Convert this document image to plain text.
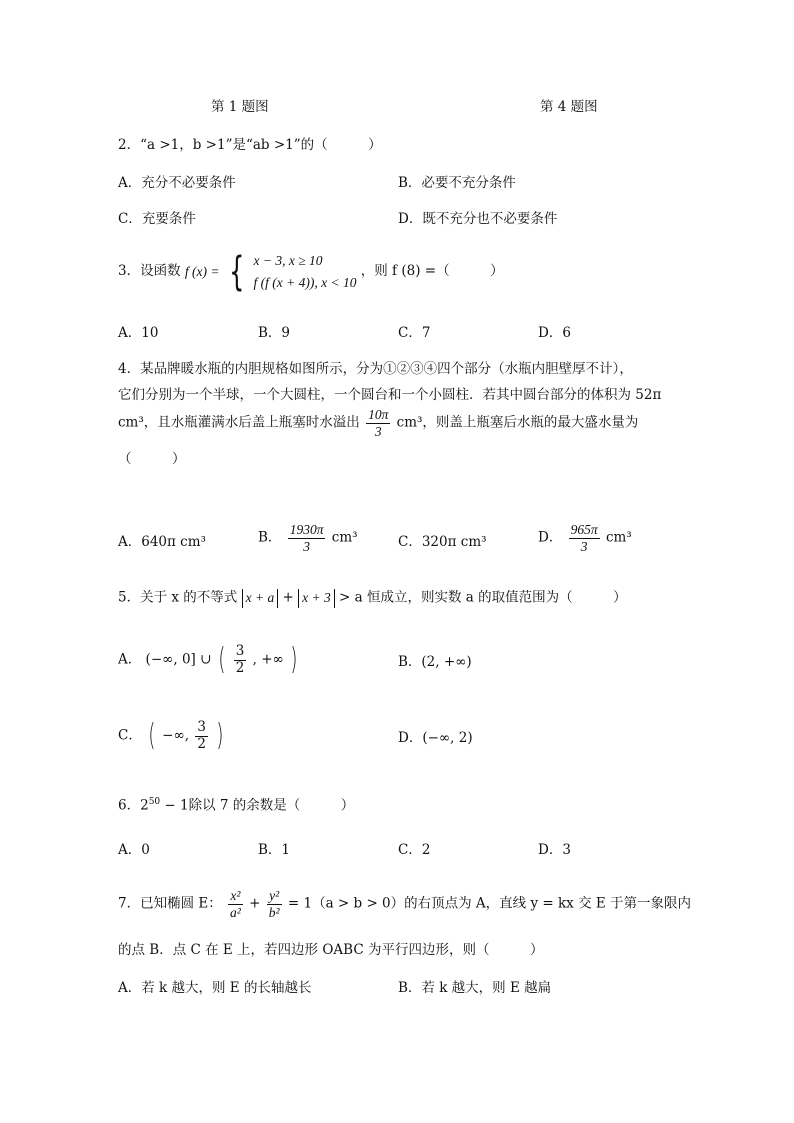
第 1 题图	第 4 题图
2．“a >1，b >1”是“ab >1”的（　　　）
A．充分不必要条件	B．必要不充分条件
C．充要条件	D．既不充分也不必要条件
3．设函数 f (x) = { x − 3, x ≥ 10
f (f (x + 4)), x < 10
，则 f (8) =（　　　）
A．10	B．9	C．7	D．6
4．某品牌暖水瓶的内胆规格如图所示，分为①②③④四个部分（水瓶内胆壁厚不计），
它们分别为一个半球，一个大圆柱，一个圆台和一个小圆柱．若其中圆台部分的体积为 52π
cm³，且水瓶灌满水后盖上瓶塞时水溢出 $\frac{10\pi}{3} cm^3$，则盖上瓶塞后水瓶的最大盛水量为
（　　　）
A．640π cm³	B． $\frac{1930\pi}{3} cm^3$	C．320π cm³	D． $\frac{965\pi}{3} cm^3$
5．关于 x 的不等式 x + a + x + 3 > a 恒成立，则实数 a 的取值范围为（　　　）
A． (−∞, 0] ∪ ( $\frac{3}{2}$ , +∞ )	B．(2, +∞)
C． ( −∞, $\frac{3}{2}$ )	D．(−∞, 2)
6．$2^{50} - 1$除以 7 的余数是（　　　）
A．0	B．1	C．2	D．3
7．已知椭圆 E： $\frac{\text{x²}}{\text{a²}} + \frac{\text{y²}}{\text{b²}} = 1(a > b > 0)$的右顶点为 A，直线 y = kx 交 E 于第一象限内
的点 B．点 C 在 E 上，若四边形 OABC 为平行四边形，则（　　　）
A．若 k 越大，则 E 的长轴越长	B．若 k 越大，则 E 越扁
